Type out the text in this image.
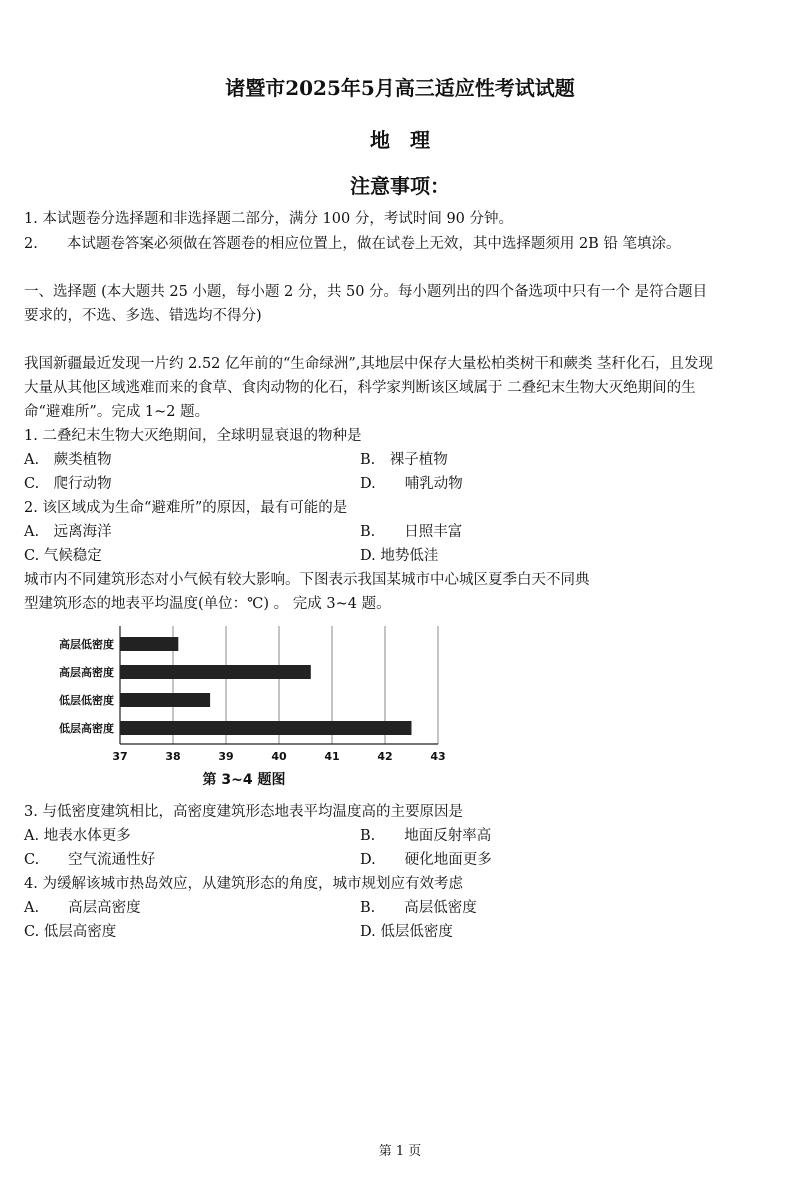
诸暨市2025年5月高三适应性考试试题
地　理
注意事项：
1. 本试题卷分选择题和非选择题二部分，满分 100 分，考试时间 90 分钟。
2.　　本试题卷答案必须做在答题卷的相应位置上，做在试卷上无效，其中选择题须用 2B 铅 笔填涂。
一、选择题 (本大题共 25 小题，每小题 2 分，共 50 分。每小题列出的四个备选项中只有一个 是符合题目
要求的，不选、多选、错选均不得分)
我国新疆最近发现一片约 2.52 亿年前的“生命绿洲”,其地层中保存大量松柏类树干和蕨类 茎秆化石，且发现
大量从其他区域逃难而来的食草、食肉动物的化石，科学家判断该区域属于 二叠纪末生物大灭绝期间的生
命“避难所”。完成 1~2 题。
1. 二叠纪末生物大灭绝期间，全球明显衰退的物种是
A.　蕨类植物	B.　裸子植物
C.　爬行动物	D.　　哺乳动物
2. 该区域成为生命“避难所”的原因，最有可能的是
A.　远离海洋	B.　　日照丰富
C. 气候稳定	D. 地势低洼
城市内不同建筑形态对小气候有较大影响。下图表示我国某城市中心城区夏季白天不同典
型建筑形态的地表平均温度(单位：℃) 。 完成 3~4 题。
高层低密度
高层高密度
低层低密度
低层高密度
37	38	39	40	41	42	43
第 3~4 题图
3. 与低密度建筑相比，高密度建筑形态地表平均温度高的主要原因是
A. 地表水体更多	B.　　地面反射率高
C.　　空气流通性好	D.　　硬化地面更多
4. 为缓解该城市热岛效应，从建筑形态的角度，城市规划应有效考虑
A.　　高层高密度	B.　　高层低密度
C. 低层高密度	D. 低层低密度
第 1 页
